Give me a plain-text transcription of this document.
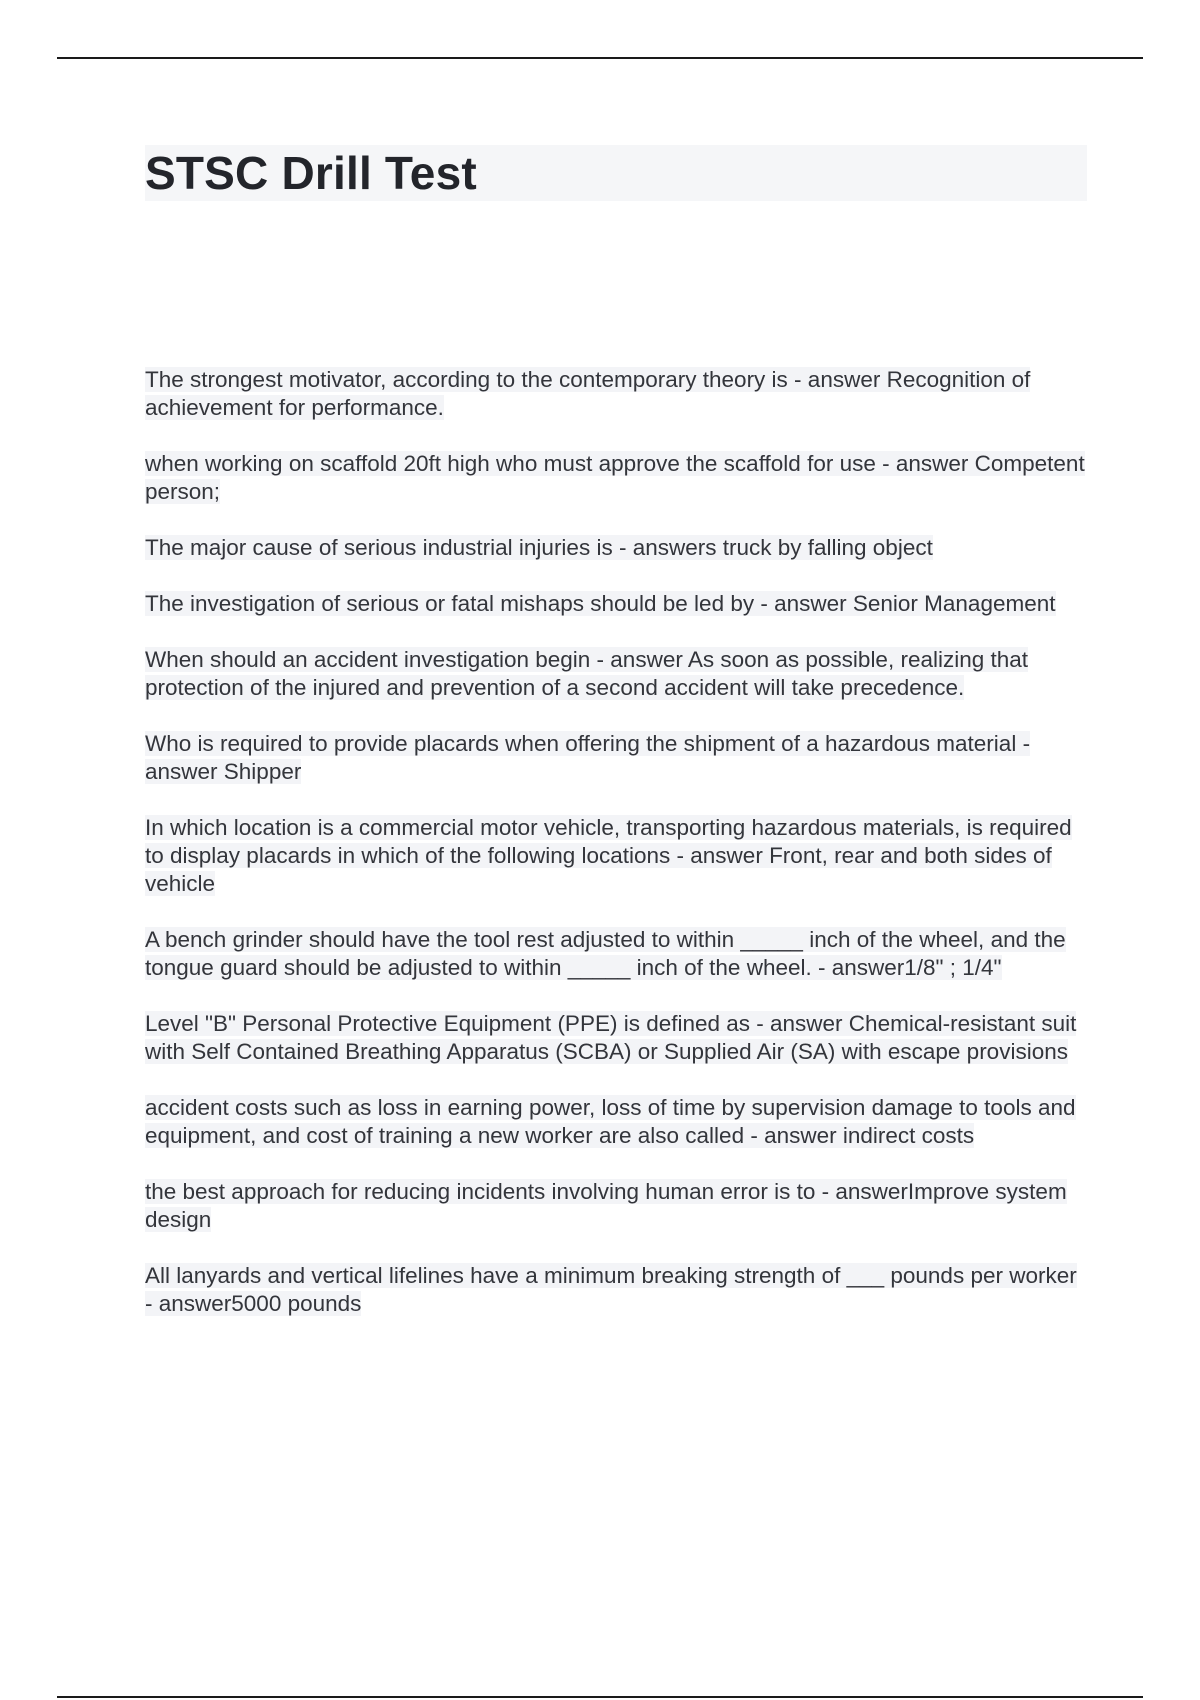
STSC Drill Test
The strongest motivator, according to the contemporary theory is - answer Recognition of achievement for performance.
when working on scaffold 20ft high who must approve the scaffold for use - answer Competent person;
The major cause of serious industrial injuries is - answers truck by falling object
The investigation of serious or fatal mishaps should be led by - answer Senior Management
When should an accident investigation begin - answer As soon as possible, realizing that protection of the injured and prevention of a second accident will take precedence.
Who is required to provide placards when offering the shipment of a hazardous material - answer Shipper
In which location is a commercial motor vehicle, transporting hazardous materials, is required to display placards in which of the following locations - answer Front, rear and both sides of vehicle
A bench grinder should have the tool rest adjusted to within _____ inch of the wheel, and the tongue guard should be adjusted to within _____ inch of the wheel. - answer1/8" ; 1/4"
Level "B" Personal Protective Equipment (PPE) is defined as - answer Chemical-resistant suit with Self Contained Breathing Apparatus (SCBA) or Supplied Air (SA) with escape provisions
accident costs such as loss in earning power, loss of time by supervision damage to tools and equipment, and cost of training a new worker are also called - answer indirect costs
the best approach for reducing incidents involving human error is to - answerImprove system design
All lanyards and vertical lifelines have a minimum breaking strength of ___ pounds per worker - answer5000 pounds
